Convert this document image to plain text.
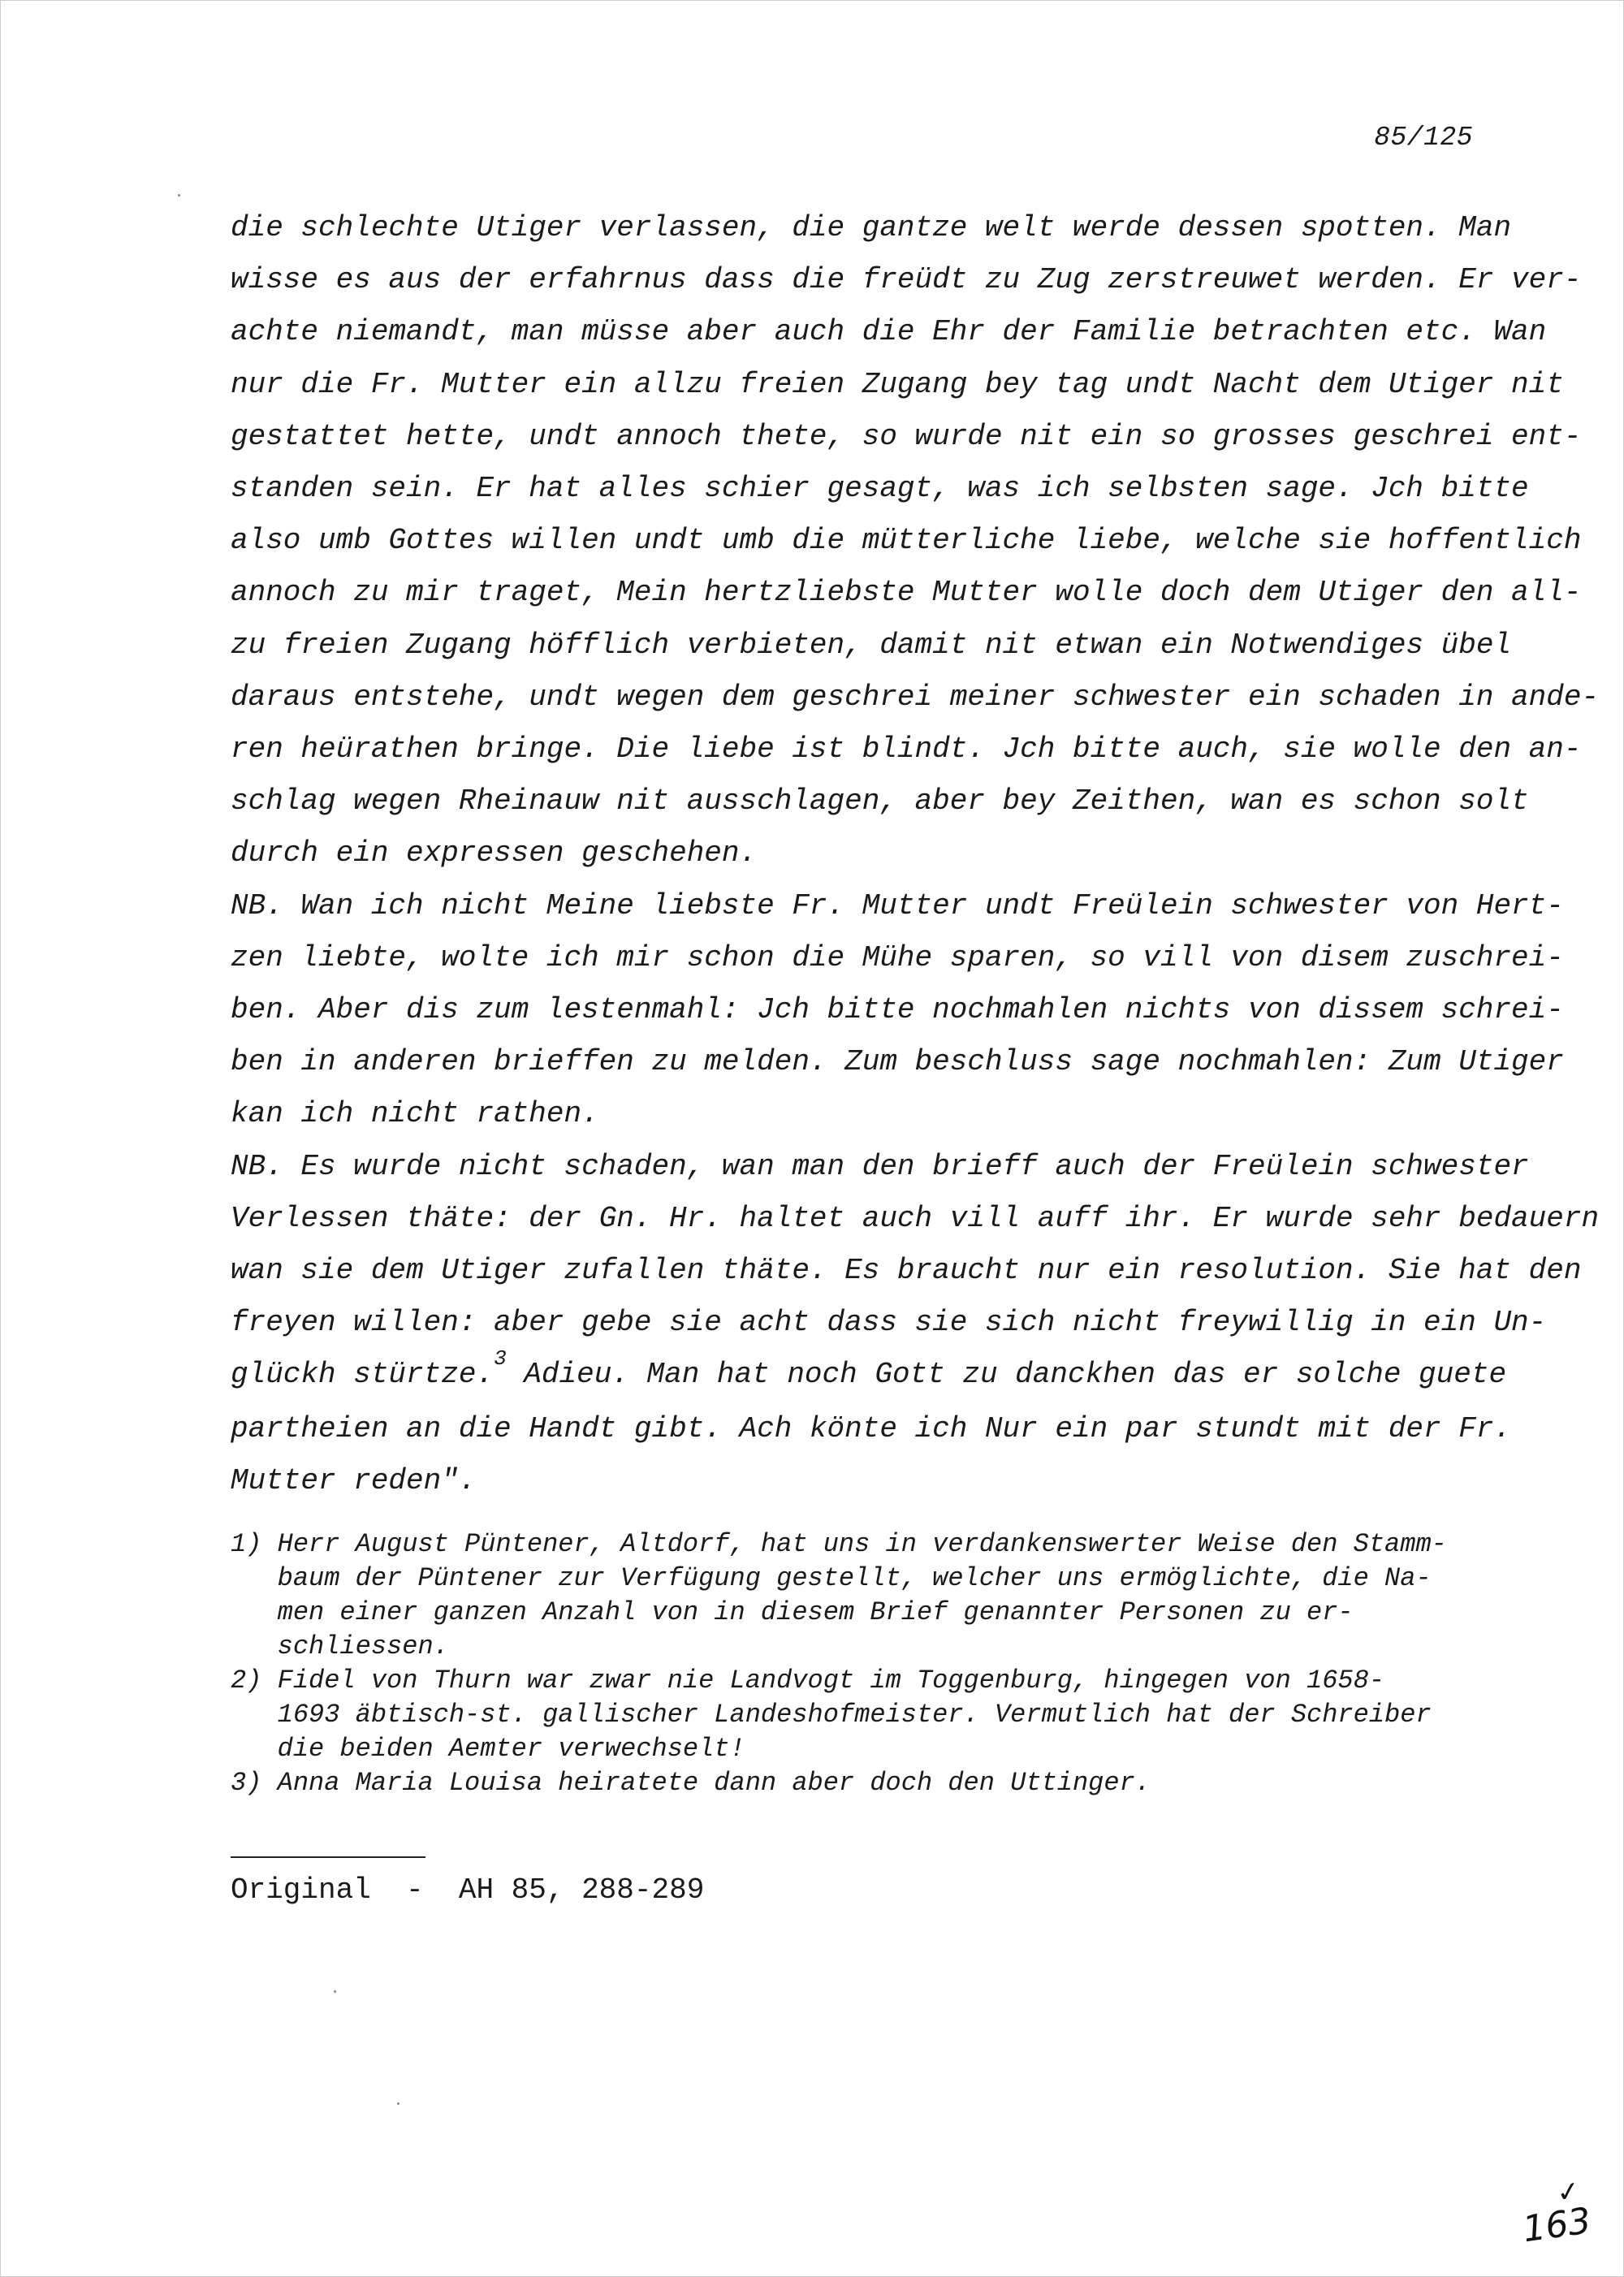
85/125
die schlechte Utiger verlassen, die gantze welt werde dessen spotten. Man
wisse es aus der erfahrnus dass die freüdt zu Zug zerstreuwet werden. Er ver-
achte niemandt, man müsse aber auch die Ehr der Familie betrachten etc. Wan
nur die Fr. Mutter ein allzu freien Zugang bey tag undt Nacht dem Utiger nit
gestattet hette, undt annoch thete, so wurde nit ein so grosses geschrei ent-
standen sein. Er hat alles schier gesagt, was ich selbsten sage. Jch bitte
also umb Gottes willen undt umb die mütterliche liebe, welche sie hoffentlich
annoch zu mir traget, Mein hertzliebste Mutter wolle doch dem Utiger den all-
zu freien Zugang höfflich verbieten, damit nit etwan ein Notwendiges übel
daraus entstehe, undt wegen dem geschrei meiner schwester ein schaden in ande-
ren heürathen bringe. Die liebe ist blindt. Jch bitte auch, sie wolle den an-
schlag wegen Rheinauw nit ausschlagen, aber bey Zeithen, wan es schon solt
durch ein expressen geschehen.
NB. Wan ich nicht Meine liebste Fr. Mutter undt Freülein schwester von Hert-
zen liebte, wolte ich mir schon die Mühe sparen, so vill von disem zuschrei-
ben. Aber dis zum lestenmahl: Jch bitte nochmahlen nichts von dissem schrei-
ben in anderen brieffen zu melden. Zum beschluss sage nochmahlen: Zum Utiger
kan ich nicht rathen.
NB. Es wurde nicht schaden, wan man den brieff auch der Freülein schwester
Verlessen thäte: der Gn. Hr. haltet auch vill auff ihr. Er wurde sehr bedauern
wan sie dem Utiger zufallen thäte. Es braucht nur ein resolution. Sie hat den
freyen willen: aber gebe sie acht dass sie sich nicht freywillig in ein Un-
glückh stürtze.$^3$ Adieu. Man hat noch Gott zu danckhen das er solche guete
partheien an die Handt gibt. Ach könte ich Nur ein par stundt mit der Fr.
Mutter reden".
1) Herr August Püntener, Altdorf, hat uns in verdankenswerter Weise den Stamm-
baum der Püntener zur Verfügung gestellt, welcher uns ermöglichte, die Na-
men einer ganzen Anzahl von in diesem Brief genannter Personen zu er-
schliessen.
2) Fidel von Thurn war zwar nie Landvogt im Toggenburg, hingegen von 1658-
1693 äbtisch-st. gallischer Landeshofmeister. Vermutlich hat der Schreiber
die beiden Aemter verwechselt!
3) Anna Maria Louisa heiratete dann aber doch den Uttinger.
Original  -  AH 85, 288-289
✓
163
